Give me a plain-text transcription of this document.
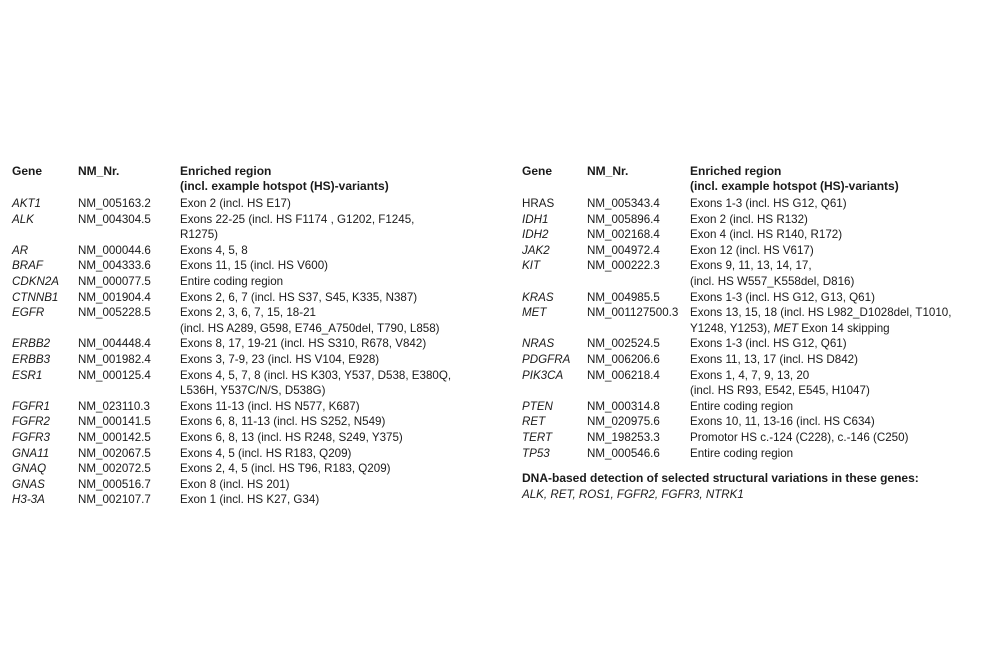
Gene	NM_Nr.	Enriched region
(incl. example hotspot (HS)-variants)
AKT1	NM_005163.2	Exon 2 (incl. HS E17)
ALK	NM_004304.5	Exons 22-25 (incl. HS F1174 , G1202, F1245,
R1275)
AR	NM_000044.6	Exons 4, 5, 8
BRAF	NM_004333.6	Exons 11, 15 (incl. HS V600)
CDKN2A NM_000077.5	Entire coding region
CTNNB1 NM_001904.4	Exons 2, 6, 7 (incl. HS S37, S45, K335, N387)
EGFR	NM_005228.5	Exons 2, 3, 6, 7, 15, 18-21
(incl. HS A289, G598, E746_A750del, T790, L858)
ERBB2 NM_004448.4	Exons 8, 17, 19-21 (incl. HS S310, R678, V842)
ERBB3 NM_001982.4	Exons 3, 7-9, 23 (incl. HS V104, E928)
ESR1	NM_000125.4	Exons 4, 5, 7, 8 (incl. HS K303, Y537, D538, E380Q,
L536H, Y537C/N/S, D538G)
FGFR1 NM_023110.3	Exons 11-13 (incl. HS N577, K687)
FGFR2 NM_000141.5	Exons 6, 8, 11-13 (incl. HS S252, N549)
FGFR3 NM_000142.5	Exons 6, 8, 13 (incl. HS R248, S249, Y375)
GNA11 NM_002067.5	Exons 4, 5 (incl. HS R183, Q209)
GNAQ	NM_002072.5	Exons 2, 4, 5 (incl. HS T96, R183, Q209)
GNAS	NM_000516.7	Exon 8 (incl. HS 201)
H3-3A	NM_002107.7	Exon 1 (incl. HS K27, G34)
Gene	NM_Nr.	Enriched region
(incl. example hotspot (HS)-variants)
HRAS	NM_005343.4	Exons 1-3 (incl. HS G12, Q61)
IDH1	NM_005896.4	Exon 2 (incl. HS R132)
IDH2	NM_002168.4	Exon 4 (incl. HS R140, R172)
JAK2	NM_004972.4	Exon 12 (incl. HS V617)
KIT	NM_000222.3	Exons 9, 11, 13, 14, 17,
(incl. HS W557_K558del, D816)
KRAS	NM_004985.5	Exons 1-3 (incl. HS G12, G13, Q61)
MET	NM_001127500.3 Exons 13, 15, 18 (incl. HS L982_D1028del, T1010,
Y1248, Y1253), MET Exon 14 skipping
NRAS	NM_002524.5	Exons 1-3 (incl. HS G12, Q61)
PDGFRA NM_006206.6	Exons 11, 13, 17 (incl. HS D842)
PIK3CA NM_006218.4	Exons 1, 4, 7, 9, 13, 20
(incl. HS R93, E542, E545, H1047)
PTEN	NM_000314.8	Entire coding region
RET	NM_020975.6	Exons 10, 11, 13-16 (incl. HS C634)
TERT	NM_198253.3	Promotor HS c.-124 (C228), c.-146 (C250)
TP53	NM_000546.6	Entire coding region
DNA-based detection of selected structural variations in these genes:
ALK, RET, ROS1, FGFR2, FGFR3, NTRK1
